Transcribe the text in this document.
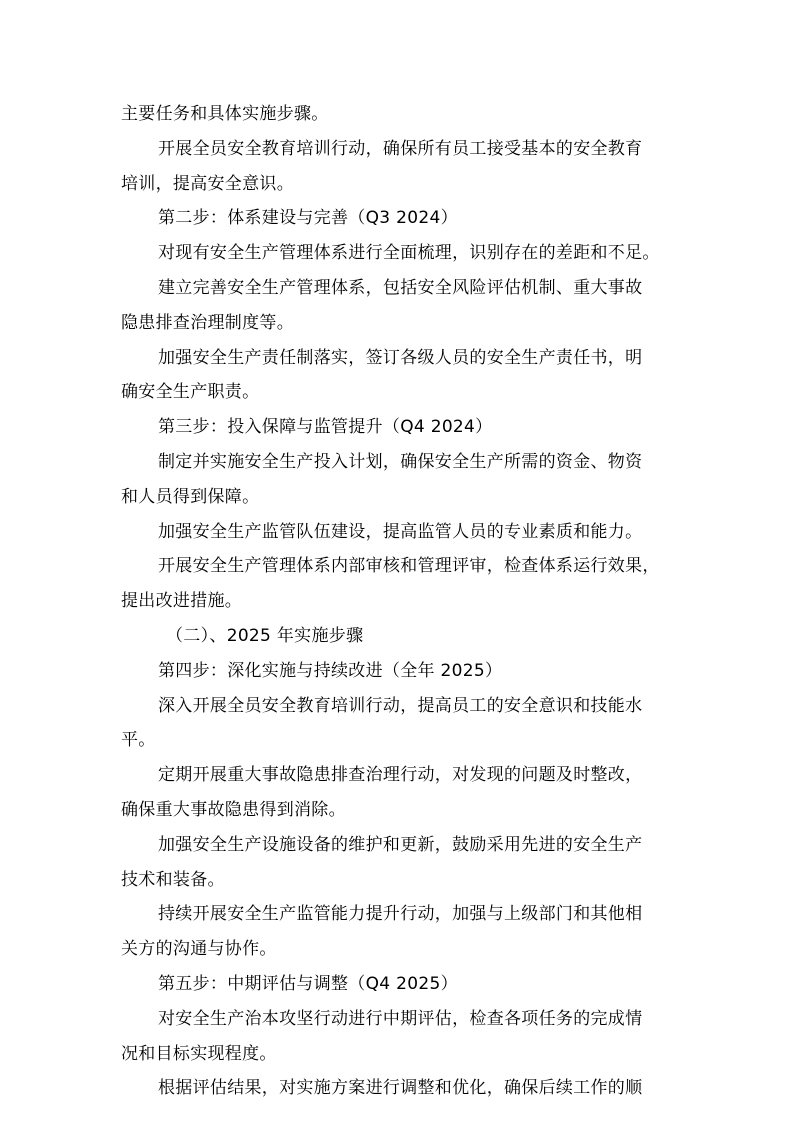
主要任务和具体实施步骤。

开展全员安全教育培训行动，确保所有员工接受基本的安全教育

培训，提高安全意识。

第二步：体系建设与完善（Q3 2024）

对现有安全生产管理体系进行全面梳理，识别存在的差距和不足。

建立完善安全生产管理体系，包括安全风险评估机制、重大事故

隐患排查治理制度等。

加强安全生产责任制落实，签订各级人员的安全生产责任书，明

确安全生产职责。

第三步：投入保障与监管提升（Q4 2024）

制定并实施安全生产投入计划，确保安全生产所需的资金、物资

和人员得到保障。

加强安全生产监管队伍建设，提高监管人员的专业素质和能力。

开展安全生产管理体系内部审核和管理评审，检查体系运行效果，

提出改进措施。

（二）、2025 年实施步骤

第四步：深化实施与持续改进（全年 2025）

深入开展全员安全教育培训行动，提高员工的安全意识和技能水

平。

定期开展重大事故隐患排查治理行动，对发现的问题及时整改，

确保重大事故隐患得到消除。

加强安全生产设施设备的维护和更新，鼓励采用先进的安全生产

技术和装备。

持续开展安全生产监管能力提升行动，加强与上级部门和其他相

关方的沟通与协作。

第五步：中期评估与调整（Q4 2025）

对安全生产治本攻坚行动进行中期评估，检查各项任务的完成情

况和目标实现程度。

根据评估结果，对实施方案进行调整和优化，确保后续工作的顺
